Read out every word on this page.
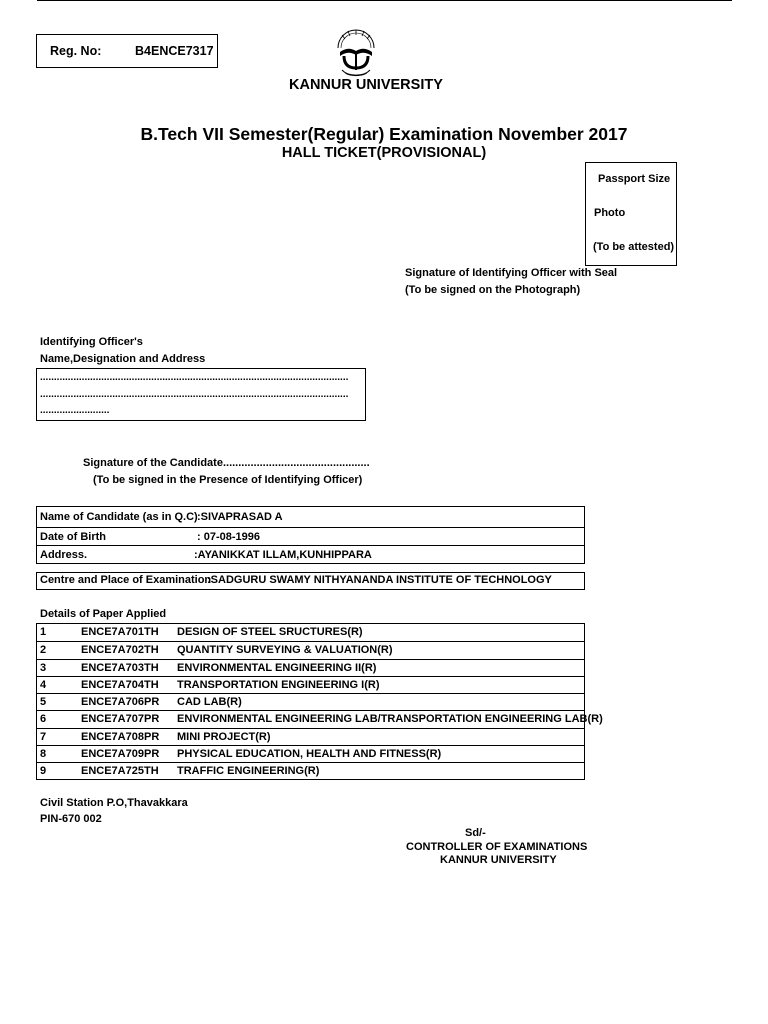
Reg. No:	B4ENCE7317
KANNUR UNIVERSITY
B.Tech VII Semester(Regular) Examination November 2017
HALL TICKET(PROVISIONAL)
Passport Size
Photo
(To be attested)
Signature of Identifying Officer with Seal
(To be signed on the Photograph)
Identifying Officer's
Name,Designation and Address
...............................................................................................................
...............................................................................................................
.........................
Signature of the Candidate................................................
(To be signed in the Presence of Identifying Officer)
Name of Candidate (as in Q.C) :SIVAPRASAD A
Date of Birth	: 07-08-1996
Address.	:AYANIKKAT ILLAM,KUNHIPPARA
Centre and Place of Examination
:SADGURU SWAMY NITHYANANDA INSTITUTE OF TECHNOLOGY
Details of Paper Applied
1	ENCE7A701TH DESIGN OF STEEL SRUCTURES(R)
2	ENCE7A702TH QUANTITY SURVEYING & VALUATION(R)
3	ENCE7A703TH ENVIRONMENTAL ENGINEERING II(R)
4	ENCE7A704TH TRANSPORTATION ENGINEERING I(R)
5	ENCE7A706PR CAD LAB(R)
6	ENCE7A707PR ENVIRONMENTAL ENGINEERING LAB/TRANSPORTATION ENGINEERING LAB(R)
7	ENCE7A708PR MINI PROJECT(R)
8	ENCE7A709PR PHYSICAL EDUCATION, HEALTH AND FITNESS(R)
9	ENCE7A725TH TRAFFIC ENGINEERING(R)
Civil Station P.O,Thavakkara
PIN-670 002
Sd/-
CONTROLLER OF EXAMINATIONS
KANNUR UNIVERSITY
